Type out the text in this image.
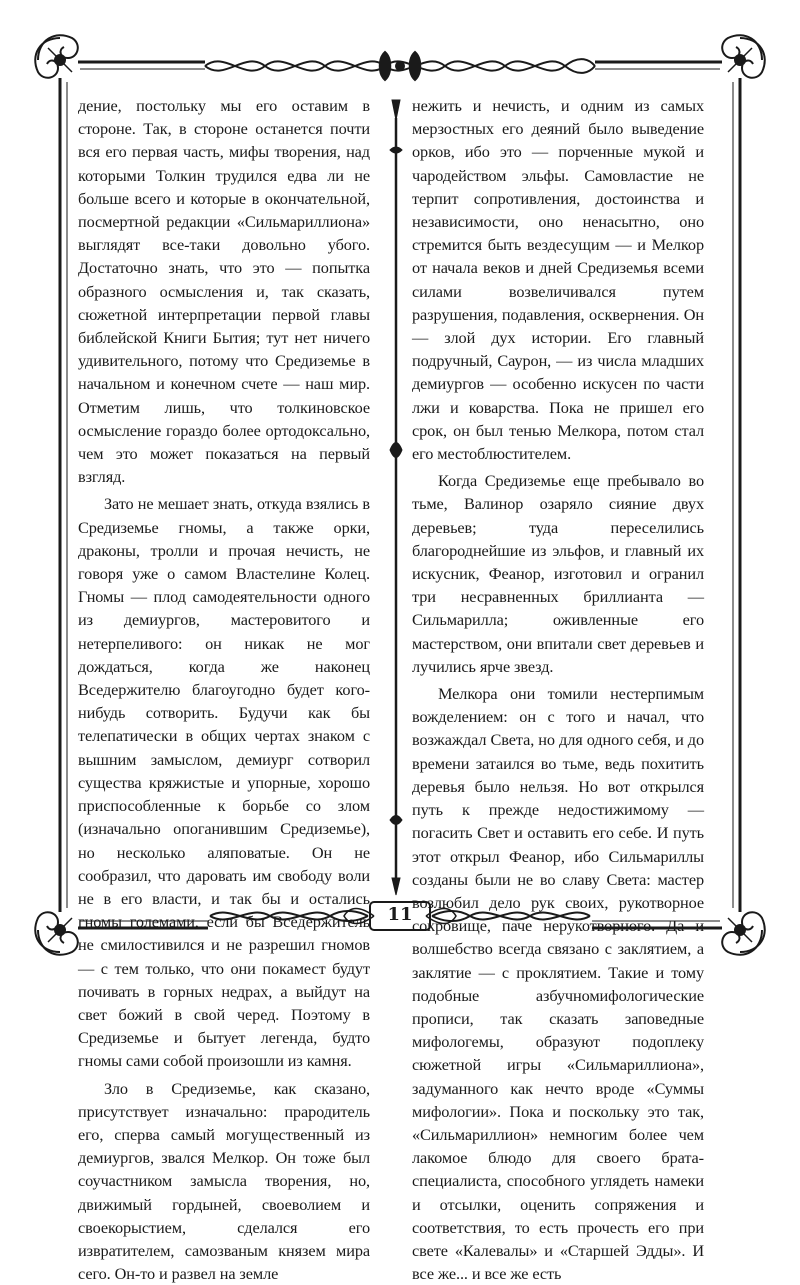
дение, постольку мы его оставим в стороне. Так, в стороне останется почти вся его первая часть, мифы творения, над которыми Толкин трудился едва ли не больше всего и которые в окончательной, посмертной редакции «Сильмариллиона» выглядят все-таки довольно убого. Достаточно знать, что это — попытка образного осмысления и, так сказать, сюжетной интерпретации первой главы библейской Книги Бытия; тут нет ничего удивительного, потому что Средиземье в начальном и конечном счете — наш мир. Отметим лишь, что толкиновское осмысление гораздо более ортодоксально, чем это может показаться на первый взгляд.

Зато не мешает знать, откуда взялись в Средиземье гномы, а также орки, драконы, тролли и прочая нечисть, не говоря уже о самом Властелине Колец. Гномы — плод самодеятельности одного из демиургов, мастеровитого и нетерпеливого: он никак не мог дождаться, когда же наконец Вседержителю благоугодно будет кого-нибудь сотворить. Будучи как бы телепатически в общих чертах знаком с вышним замыслом, демиург сотворил существа кряжистые и упорные, хорошо приспособленные к борьбе со злом (изначально опоганившим Средиземье), но несколько аляповатые. Он не сообразил, что даровать им свободу воли не в его власти, и так бы и остались гномы големами, если бы Вседержитель не смилостивился и не разрешил гномов — с тем только, что они покамест будут почивать в горных недрах, а выйдут на свет божий в свой черед. Поэтому в Средиземье и бытует легенда, будто гномы сами собой произошли из камня.

Зло в Средиземье, как сказано, присутствует изначально: прародитель его, сперва самый могущественный из демиургов, звался Мелкор. Он тоже был соучастником замысла творения, но, движимый гордыней, своеволием и своекорыстием, сделался его извратителем, самозваным князем мира сего. Он-то и развел на земле

нежить и нечисть, и одним из самых мерзостных его деяний было выведение орков, ибо это — порченные мукой и чародейством эльфы. Самовластие не терпит сопротивления, достоинства и независимости, оно ненасытно, оно стремится быть вездесущим — и Мелкор от начала веков и дней Средиземья всеми силами возвеличивался путем разрушения, подавления, осквернения. Он — злой дух истории. Его главный подручный, Саурон, — из числа младших демиургов — особенно искусен по части лжи и коварства. Пока не пришел его срок, он был тенью Мелкора, потом стал его местоблюстителем.

Когда Средиземье еще пребывало во тьме, Валинор озаряло сияние двух деревьев; туда переселились благороднейшие из эльфов, и главный их искусник, Феанор, изготовил и огранил три несравненных бриллианта — Сильмарилла; оживленные его мастерством, они впитали свет деревьев и лучились ярче звезд.

Мелкора они томили нестерпимым вожделением: он с того и начал, что возжаждал Света, но для одного себя, и до времени затаился во тьме, ведь похитить деревья было нельзя. Но вот открылся путь к прежде недостижимому — погасить Свет и оставить его себе. И путь этот открыл Феанор, ибо Сильмариллы созданы были не во славу Света: мастер возлюбил дело рук своих, рукотворное сокровище, паче нерукотворного. Да и волшебство всегда связано с заклятием, а заклятие — с проклятием. Такие и тому подобные азбучномифологические прописи, так сказать заповедные мифологемы, образуют подоплеку сюжетной игры «Сильмариллиона», задуманного как нечто вроде «Суммы мифологии». Пока и поскольку это так, «Сильмариллион» немногим более чем лакомое блюдо для своего брата-специалиста, способного углядеть намеки и отсылки, оценить сопряжения и соответствия, то есть прочесть его при свете «Калевалы» и «Старшей Эдды». И все же... и все же есть

11
